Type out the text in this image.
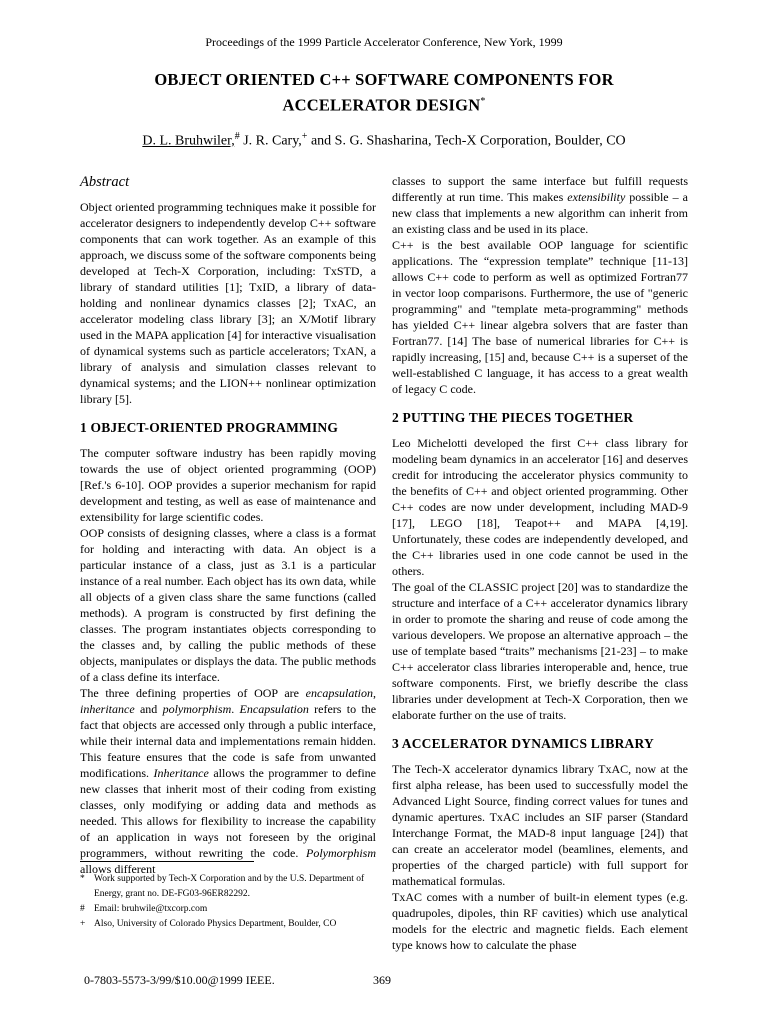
Proceedings of the 1999 Particle Accelerator Conference, New York, 1999
OBJECT ORIENTED C++ SOFTWARE COMPONENTS FOR
ACCELERATOR DESIGN*
D. L. Bruhwiler,# J. R. Cary,+ and S. G. Shasharina, Tech-X Corporation, Boulder, CO
Abstract

Object oriented programming techniques make it possible for accelerator designers to independently develop C++ software components that can work together. As an example of this approach, we discuss some of the software components being developed at Tech-X Corporation, including: TxSTD, a library of standard utilities [1]; TxID, a library of data-holding and nonlinear dynamics classes [2]; TxAC, an accelerator modeling class library [3]; an X/Motif library used in the MAPA application [4] for interactive visualisation of dynamical systems such as particle accelerators; TxAN, a library of analysis and simulation classes relevant to dynamical systems; and the LION++ nonlinear optimization library [5].

1 OBJECT-ORIENTED PROGRAMMING

The computer software industry has been rapidly moving towards the use of object oriented programming (OOP) [Ref.'s 6-10]. OOP provides a superior mechanism for rapid development and testing, as well as ease of maintenance and extensibility for large scientific codes.

OOP consists of designing classes, where a class is a format for holding and interacting with data. An object is a particular instance of a class, just as 3.1 is a particular instance of a real number. Each object has its own data, while all objects of a given class share the same functions (called methods). A program is constructed by first defining the classes. The program instantiates objects corresponding to the classes and, by calling the public methods of these objects, manipulates or displays the data. The public methods of a class define its interface.

The three defining properties of OOP are encapsulation, inheritance and polymorphism. Encapsulation refers to the fact that objects are accessed only through a public interface, while their internal data and implementations remain hidden. This feature ensures that the code is safe from unwanted modifications. Inheritance allows the programmer to define new classes that inherit most of their coding from existing classes, only modifying or adding data and methods as needed. This allows for flexibility to increase the capability of an application in ways not foreseen by the original programmers, without rewriting the code. Polymorphism allows different

classes to support the same interface but fulfill requests differently at run time. This makes extensibility possible – a new class that implements a new algorithm can inherit from an existing class and be used in its place.

C++ is the best available OOP language for scientific applications. The “expression template” technique [11-13] allows C++ code to perform as well as optimized Fortran77 in vector loop comparisons. Furthermore, the use of "generic programming" and "template meta-programming" methods has yielded C++ linear algebra solvers that are faster than Fortran77. [14] The base of numerical libraries for C++ is rapidly increasing, [15] and, because C++ is a superset of the well-established C language, it has access to a great wealth of legacy C code.

2 PUTTING THE PIECES TOGETHER

Leo Michelotti developed the first C++ class library for modeling beam dynamics in an accelerator [16] and deserves credit for introducing the accelerator physics community to the benefits of C++ and object oriented programming. Other C++ codes are now under development, including MAD-9 [17], LEGO [18], Teapot++ and MAPA [4,19]. Unfortunately, these codes are independently developed, and the C++ libraries used in one code cannot be used in the others.

The goal of the CLASSIC project [20] was to standardize the structure and interface of a C++ accelerator dynamics library in order to promote the sharing and reuse of code among the various developers. We propose an alternative approach – the use of template based “traits” mechanisms [21-23] – to make C++ accelerator class libraries interoperable and, hence, true software components. First, we briefly describe the class libraries under development at Tech-X Corporation, then we elaborate further on the use of traits.

3 ACCELERATOR DYNAMICS LIBRARY

The Tech-X accelerator dynamics library TxAC, now at the first alpha release, has been used to successfully model the Advanced Light Source, finding correct values for tunes and dynamic apertures. TxAC includes an SIF parser (Standard Interchange Format, the MAD-8 input language [24]) that can create an accelerator model (beamlines, elements, and properties of the charged particle) with full support for mathematical formulas.

TxAC comes with a number of built-in element types (e.g. quadrupoles, dipoles, thin RF cavities) which use analytical models for the electric and magnetic fields. Each element type knows how to calculate the phase

* Work supported by Tech-X Corporation and by the U.S. Department of Energy, grant no. DE-FG03-96ER82292.
# Email: bruhwile@txcorp.com
+ Also, University of Colorado Physics Department, Boulder, CO
0-7803-5573-3/99/$10.00@1999 IEEE.	369
